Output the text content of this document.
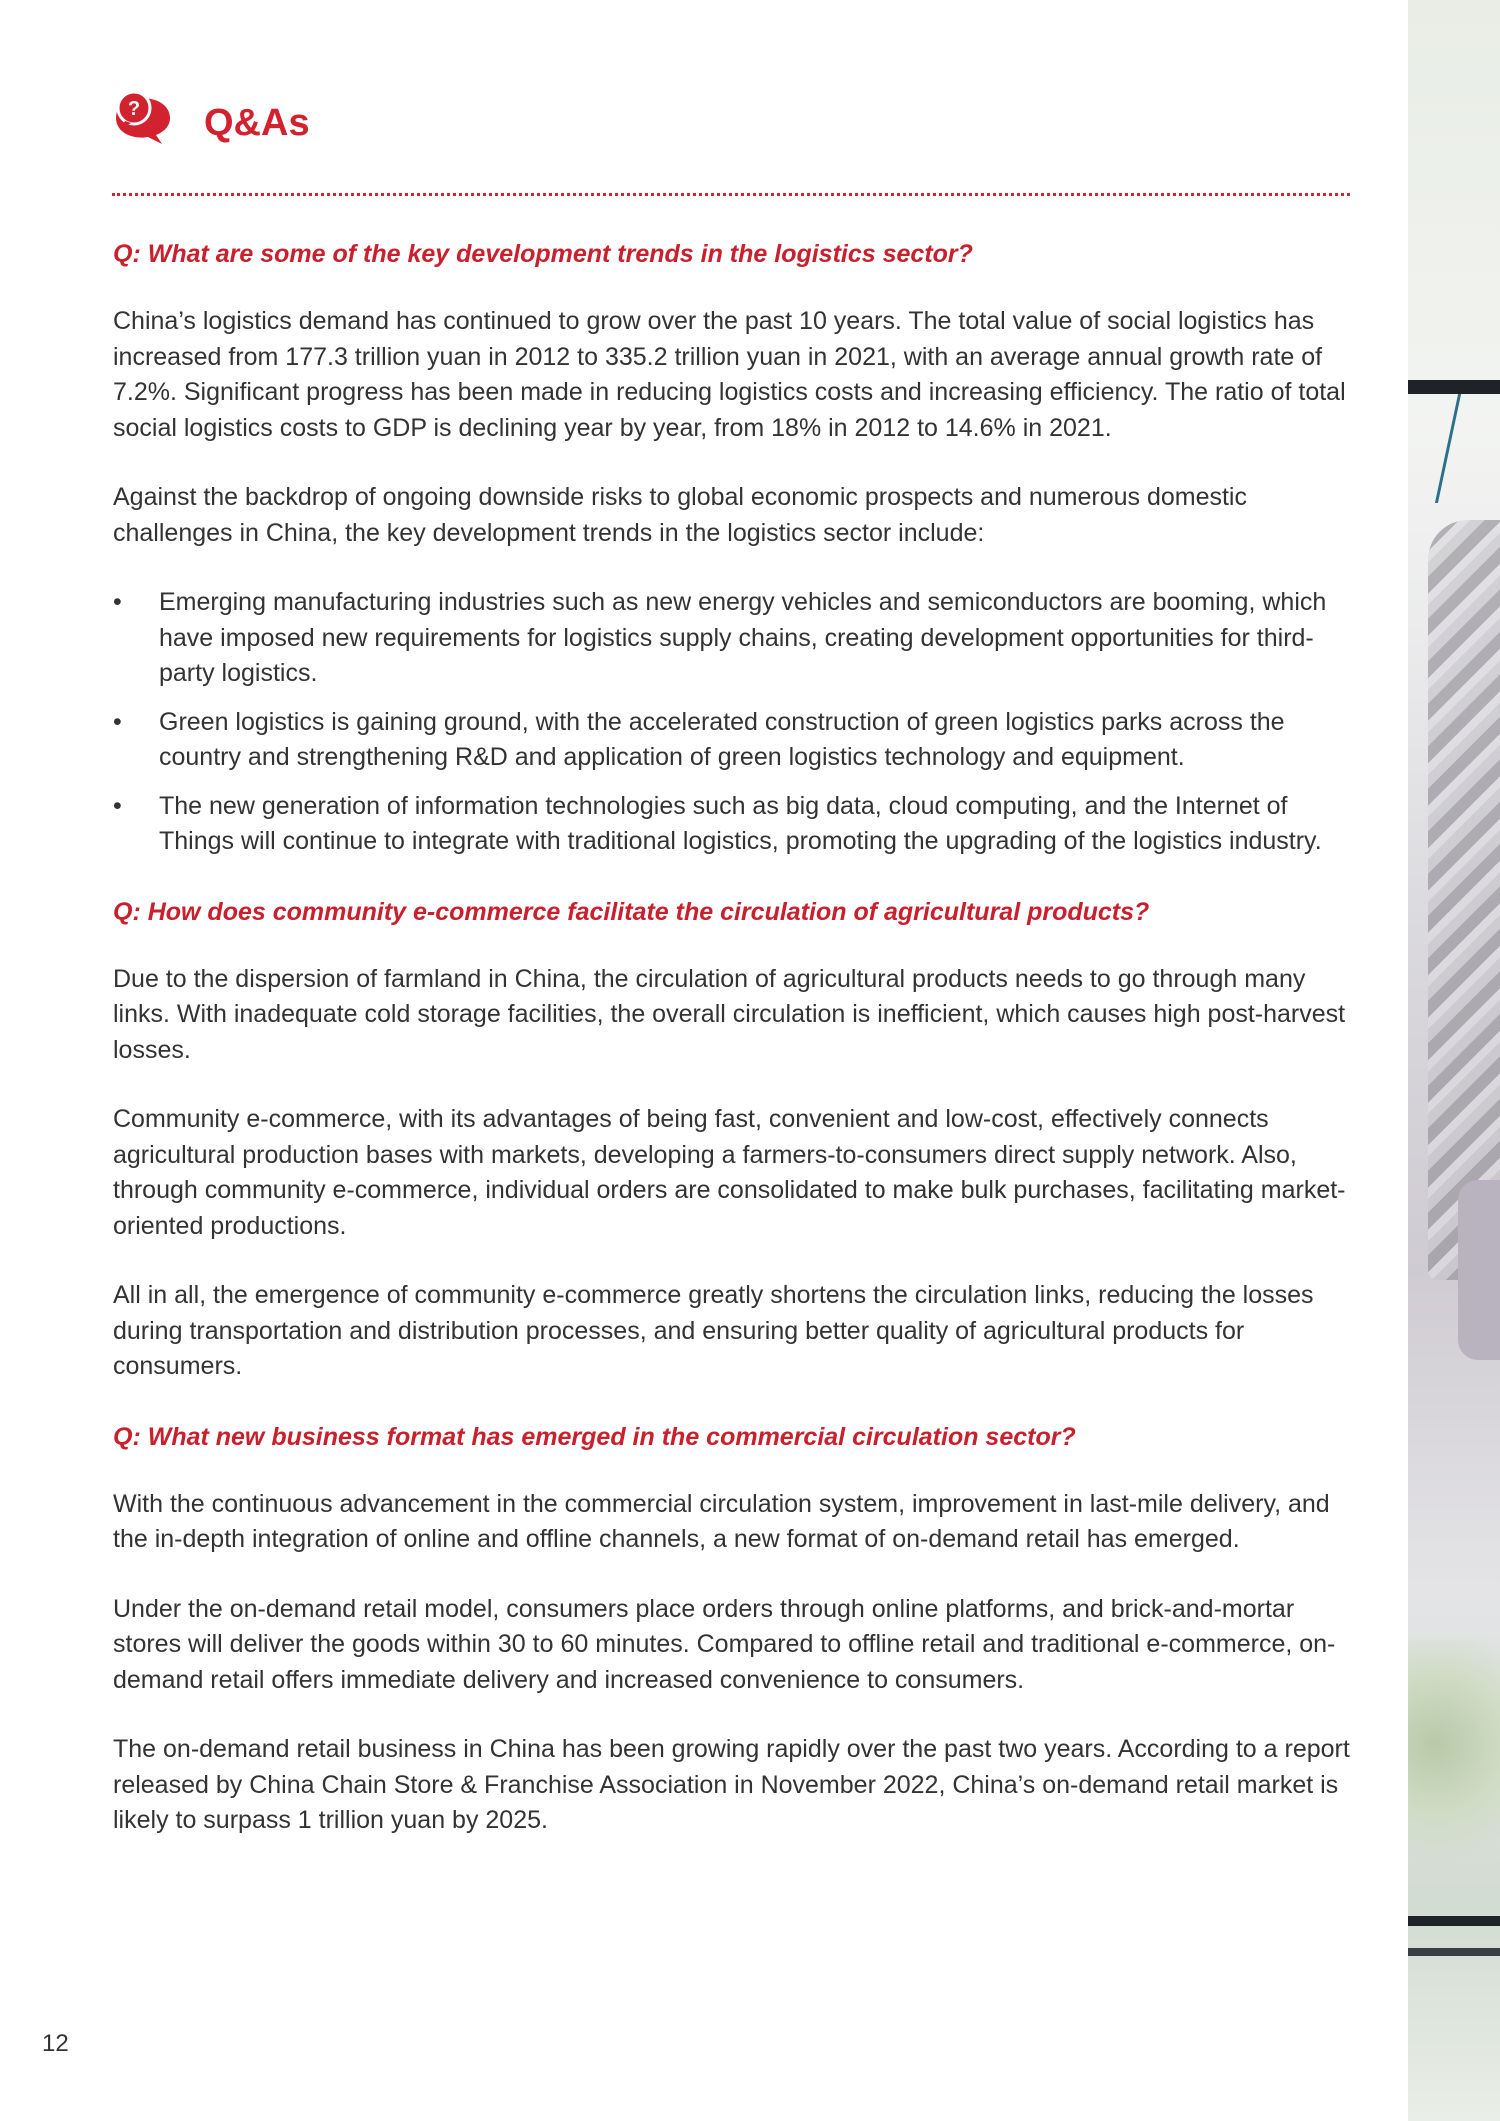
? Q&As

Q: What are some of the key development trends in the logistics sector?

China’s logistics demand has continued to grow over the past 10 years. The total value of social logistics has increased from 177.3 trillion yuan in 2012 to 335.2 trillion yuan in 2021, with an average annual growth rate of 7.2%. Significant progress has been made in reducing logistics costs and increasing efficiency. The ratio of total social logistics costs to GDP is declining year by year, from 18% in 2012 to 14.6% in 2021.

Against the backdrop of ongoing downside risks to global economic prospects and numerous domestic challenges in China, the key development trends in the logistics sector include:

•	Emerging manufacturing industries such as new energy vehicles and semiconductors are booming, which have imposed new requirements for logistics supply chains, creating development opportunities for third-party logistics.
•	Green logistics is gaining ground, with the accelerated construction of green logistics parks across the country and strengthening R&D and application of green logistics technology and equipment.
•	The new generation of information technologies such as big data, cloud computing, and the Internet of Things will continue to integrate with traditional logistics, promoting the upgrading of the logistics industry.

Q: How does community e-commerce facilitate the circulation of agricultural products?

Due to the dispersion of farmland in China, the circulation of agricultural products needs to go through many links. With inadequate cold storage facilities, the overall circulation is inefficient, which causes high post-harvest losses.

Community e-commerce, with its advantages of being fast, convenient and low-cost, effectively connects agricultural production bases with markets, developing a farmers-to-consumers direct supply network. Also, through community e-commerce, individual orders are consolidated to make bulk purchases, facilitating market-oriented productions.

All in all, the emergence of community e-commerce greatly shortens the circulation links, reducing the losses during transportation and distribution processes, and ensuring better quality of agricultural products for consumers.

Q: What new business format has emerged in the commercial circulation sector?

With the continuous advancement in the commercial circulation system, improvement in last-mile delivery, and the in-depth integration of online and offline channels, a new format of on-demand retail has emerged.

Under the on-demand retail model, consumers place orders through online platforms, and brick-and-mortar stores will deliver the goods within 30 to 60 minutes. Compared to offline retail and traditional e-commerce, on-demand retail offers immediate delivery and increased convenience to consumers.

The on-demand retail business in China has been growing rapidly over the past two years. According to a report released by China Chain Store & Franchise Association in November 2022, China’s on-demand retail market is likely to surpass 1 trillion yuan by 2025.

12
